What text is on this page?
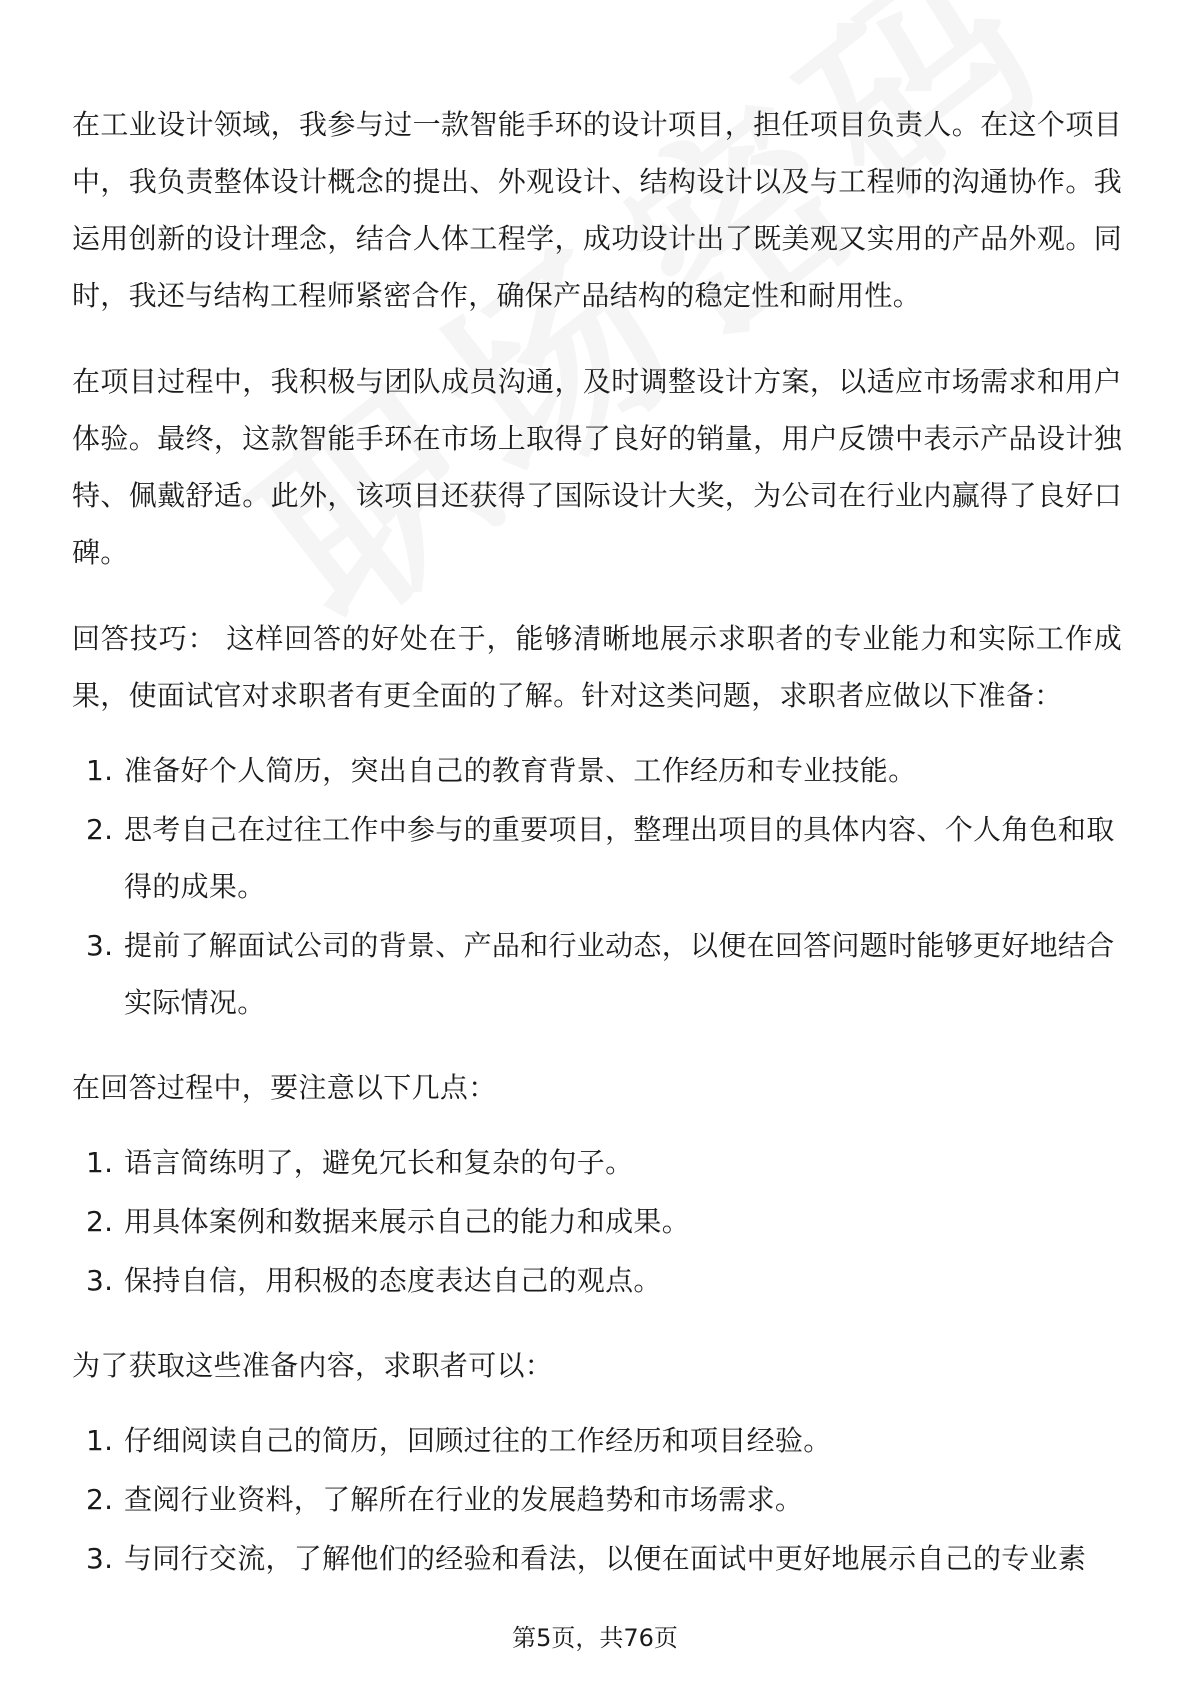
在工业设计领域，我参与过一款智能手环的设计项目，担任项目负责人。在这个项目中，我负责整体设计概念的提出、外观设计、结构设计以及与工程师的沟通协作。我运用创新的设计理念，结合人体工程学，成功设计出了既美观又实用的产品外观。同时，我还与结构工程师紧密合作，确保产品结构的稳定性和耐用性。

在项目过程中，我积极与团队成员沟通，及时调整设计方案，以适应市场需求和用户体验。最终，这款智能手环在市场上取得了良好的销量，用户反馈中表示产品设计独特、佩戴舒适。此外，该项目还获得了国际设计大奖，为公司在行业内赢得了良好口碑。

回答技巧： 这样回答的好处在于，能够清晰地展示求职者的专业能力和实际工作成果，使面试官对求职者有更全面的了解。针对这类问题，求职者应做以下准备：

1. 准备好个人简历，突出自己的教育背景、工作经历和专业技能。
2. 思考自己在过往工作中参与的重要项目，整理出项目的具体内容、个人角色和取得的成果。
3. 提前了解面试公司的背景、产品和行业动态，以便在回答问题时能够更好地结合实际情况。

在回答过程中，要注意以下几点：

1. 语言简练明了，避免冗长和复杂的句子。
2. 用具体案例和数据来展示自己的能力和成果。
3. 保持自信，用积极的态度表达自己的观点。

为了获取这些准备内容，求职者可以：

1. 仔细阅读自己的简历，回顾过往的工作经历和项目经验。
2. 查阅行业资料，了解所在行业的发展趋势和市场需求。
3. 与同行交流，了解他们的经验和看法，以便在面试中更好地展示自己的专业素
第5页，共76页
